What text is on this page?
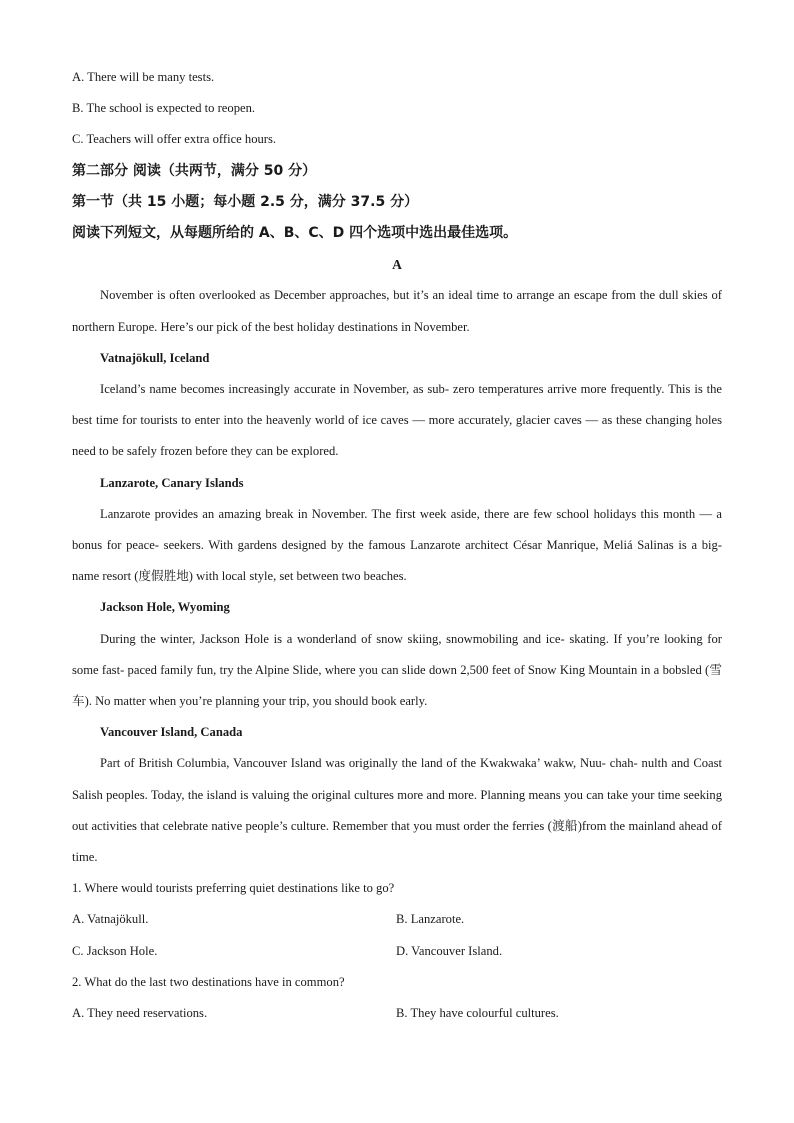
A. There will be many tests.

B. The school is expected to reopen.

C. Teachers will offer extra office hours.

第二部分 阅读（共两节，满分 50 分）

第一节（共 15 小题；每小题 2.5 分，满分 37.5 分）

阅读下列短文，从每题所给的 A、B、C、D 四个选项中选出最佳选项。

A

November is often overlooked as December approaches, but it’s an ideal time to arrange an escape from the dull skies of northern Europe. Here’s our pick of the best holiday destinations in November.

Vatnajökull, Iceland

Iceland’s name becomes increasingly accurate in November, as sub- zero temperatures arrive more frequently. This is the best time for tourists to enter into the heavenly world of ice caves — more accurately, glacier caves — as these changing holes need to be safely frozen before they can be explored.

Lanzarote, Canary Islands

Lanzarote provides an amazing break in November. The first week aside, there are few school holidays this month — a bonus for peace- seekers. With gardens designed by the famous Lanzarote architect César Manrique, Meliá Salinas is a big- name resort (度假胜地) with local style, set between two beaches.

Jackson Hole, Wyoming

During the winter, Jackson Hole is a wonderland of snow skiing, snowmobiling and ice- skating. If you’re looking for some fast- paced family fun, try the Alpine Slide, where you can slide down 2,500 feet of Snow King Mountain in a bobsled (雪车). No matter when you’re planning your trip, you should book early.

Vancouver Island, Canada

Part of British Columbia, Vancouver Island was originally the land of the Kwakwaka’ wakw, Nuu- chah- nulth and Coast Salish peoples. Today, the island is valuing the original cultures more and more. Planning means you can take your time seeking out activities that celebrate native people’s culture. Remember that you must order the ferries (渡船)from the mainland ahead of time.

1. Where would tourists preferring quiet destinations like to go?

A. Vatnajökull.	B. Lanzarote.
C. Jackson Hole.	D. Vancouver Island.

2. What do the last two destinations have in common?

A. They need reservations.	B. They have colourful cultures.
